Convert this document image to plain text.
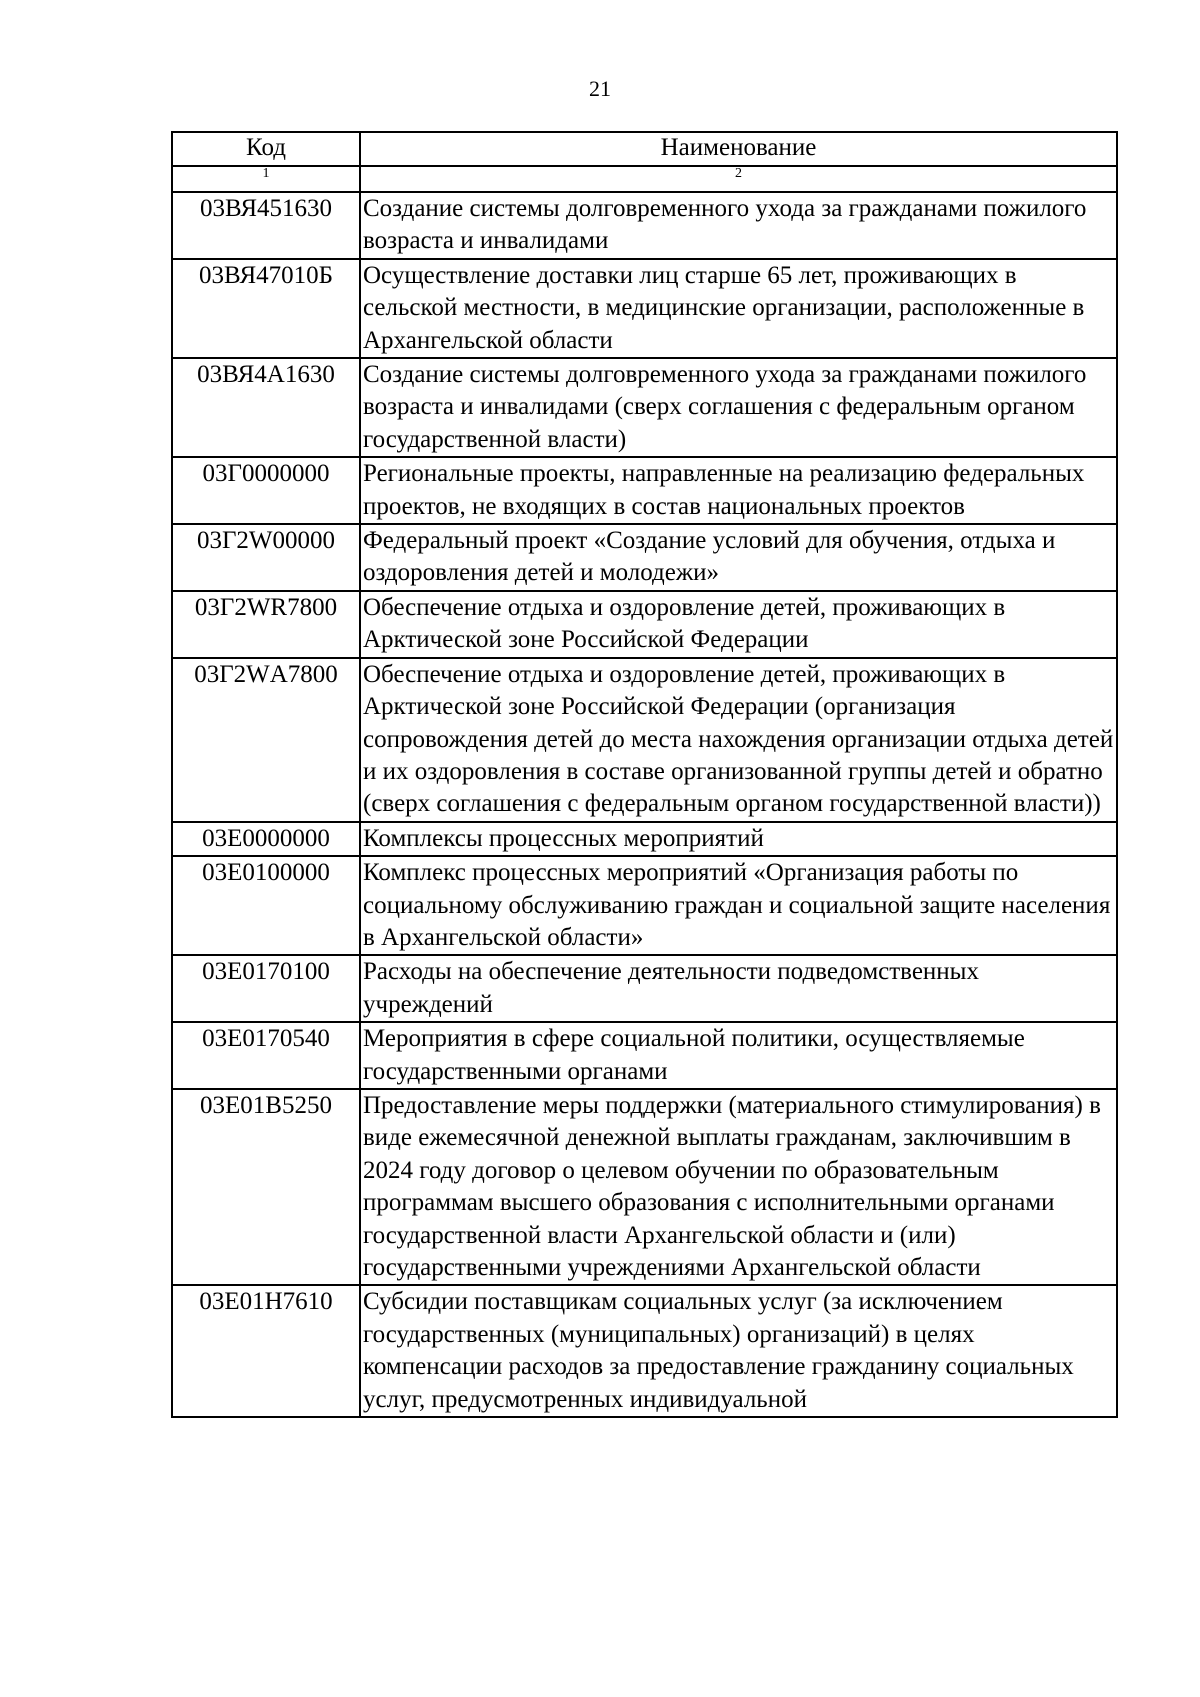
21
Код	Наименование
1	2
03ВЯ451630	Создание системы долговременного ухода за гражданами пожилого возраста и инвалидами
03ВЯ47010Б	Осуществление доставки лиц старше 65 лет, проживающих в сельской местности, в медицинские организации, расположенные в Архангельской области
03ВЯ4А1630	Создание системы долговременного ухода за гражданами пожилого возраста и инвалидами (сверх соглашения с федеральным органом государственной власти)
03Г0000000	Региональные проекты, направленные на реализацию федеральных проектов, не входящих в состав национальных проектов
03Г2W00000	Федеральный проект «Создание условий для обучения, отдыха и оздоровления детей и молодежи»
03Г2WR7800	Обеспечение отдыха и оздоровление детей, проживающих в Арктической зоне Российской Федерации
03Г2WА7800	Обеспечение отдыха и оздоровление детей, проживающих в Арктической зоне Российской Федерации (организация сопровождения детей до места нахождения организации отдыха детей и их оздоровления в составе организованной группы детей и обратно (сверх соглашения с федеральным органом государственной власти))
03Е0000000	Комплексы процессных мероприятий
03Е0100000	Комплекс процессных мероприятий «Организация работы по социальному обслуживанию граждан и социальной защите населения в Архангельской области»
03Е0170100	Расходы на обеспечение деятельности подведомственных учреждений
03Е0170540	Мероприятия в сфере социальной политики, осуществляемые государственными органами
03Е01В5250	Предоставление меры поддержки (материального стимулирования) в виде ежемесячной денежной выплаты гражданам, заключившим в 2024 году договор о целевом обучении по образовательным программам высшего образования с исполнительными органами государственной власти Архангельской области и (или) государственными учреждениями Архангельской области
03Е01Н7610	Субсидии поставщикам социальных услуг (за исключением государственных (муниципальных) организаций) в целях компенсации расходов за предоставление гражданину социальных услуг, предусмотренных индивидуальной
